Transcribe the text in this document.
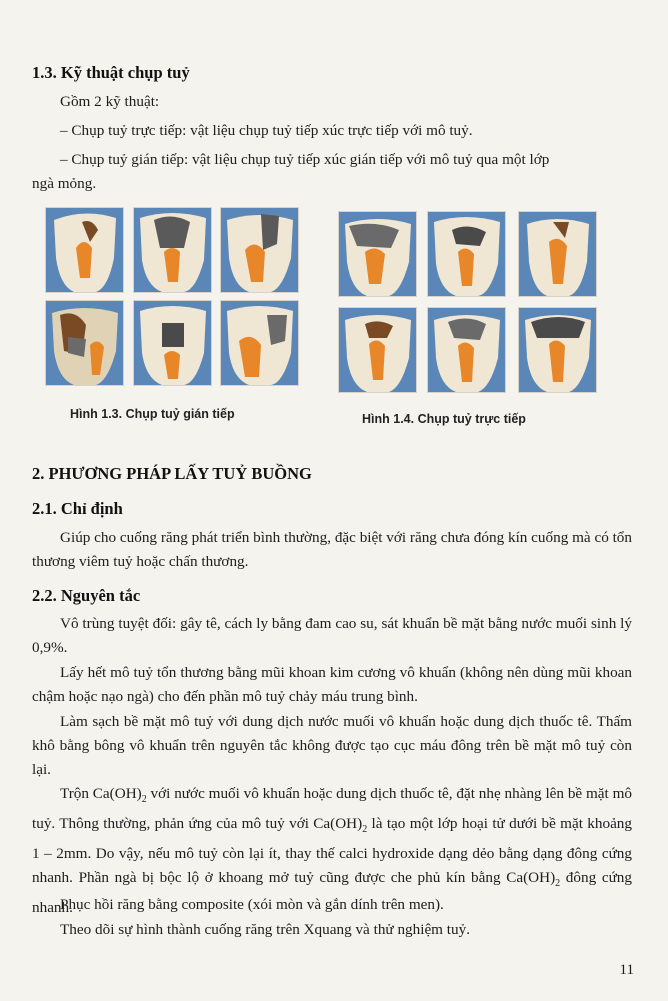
1.3. Kỹ thuật chụp tuỷ
Gồm 2 kỹ thuật:
– Chụp tuỷ trực tiếp: vật liệu chụp tuỷ tiếp xúc trực tiếp với mô tuỷ.
– Chụp tuỷ gián tiếp: vật liệu chụp tuỷ tiếp xúc gián tiếp với mô tuỷ qua một lớp
ngà mỏng.
Hình 1.3. Chụp tuỷ gián tiếp	Hình 1.4. Chụp tuỷ trực tiếp
2. PHƯƠNG PHÁP LẤY TUỶ BUỒNG
2.1. Chỉ định
Giúp cho cuống răng phát triển bình thường, đặc biệt với răng chưa đóng kín cuống mà có tổn thương viêm tuỷ hoặc chấn thương.
2.2. Nguyên tắc
Vô trùng tuyệt đối: gây tê, cách ly bằng đam cao su, sát khuẩn bề mặt bằng nước muối sinh lý 0,9%.
Lấy hết mô tuỷ tổn thương bằng mũi khoan kim cương vô khuẩn (không nên dùng mũi khoan chậm hoặc nạo ngà) cho đến phần mô tuỷ chảy máu trung bình.
Làm sạch bề mặt mô tuỷ với dung dịch nước muối vô khuẩn hoặc dung dịch thuốc tê. Thấm khô bằng bông vô khuẩn trên nguyên tắc không được tạo cục máu đông trên bề mặt mô tuỷ còn lại.
Trộn $Ca(OH)_2$ với nước muối vô khuẩn hoặc dung dịch thuốc tê, đặt nhẹ nhàng lên bề mặt mô tuỷ. Thông thường, phản ứng của mô tuỷ với $Ca(OH)_2$ là tạo một lớp hoại tử dưới bề mặt khoảng 1 – 2mm. Do vậy, nếu mô tuỷ còn lại ít, thay thế calci hydroxide dạng dẻo bằng dạng đông cứng nhanh. Phần ngà bị bộc lộ ở khoang mở tuỷ cũng được che phủ kín bằng $Ca(OH)_2$ đông cứng nhanh.
Phục hồi răng bằng composite (xói mòn và gắn dính trên men).
Theo dõi sự hình thành cuống răng trên Xquang và thử nghiệm tuỷ.
11
